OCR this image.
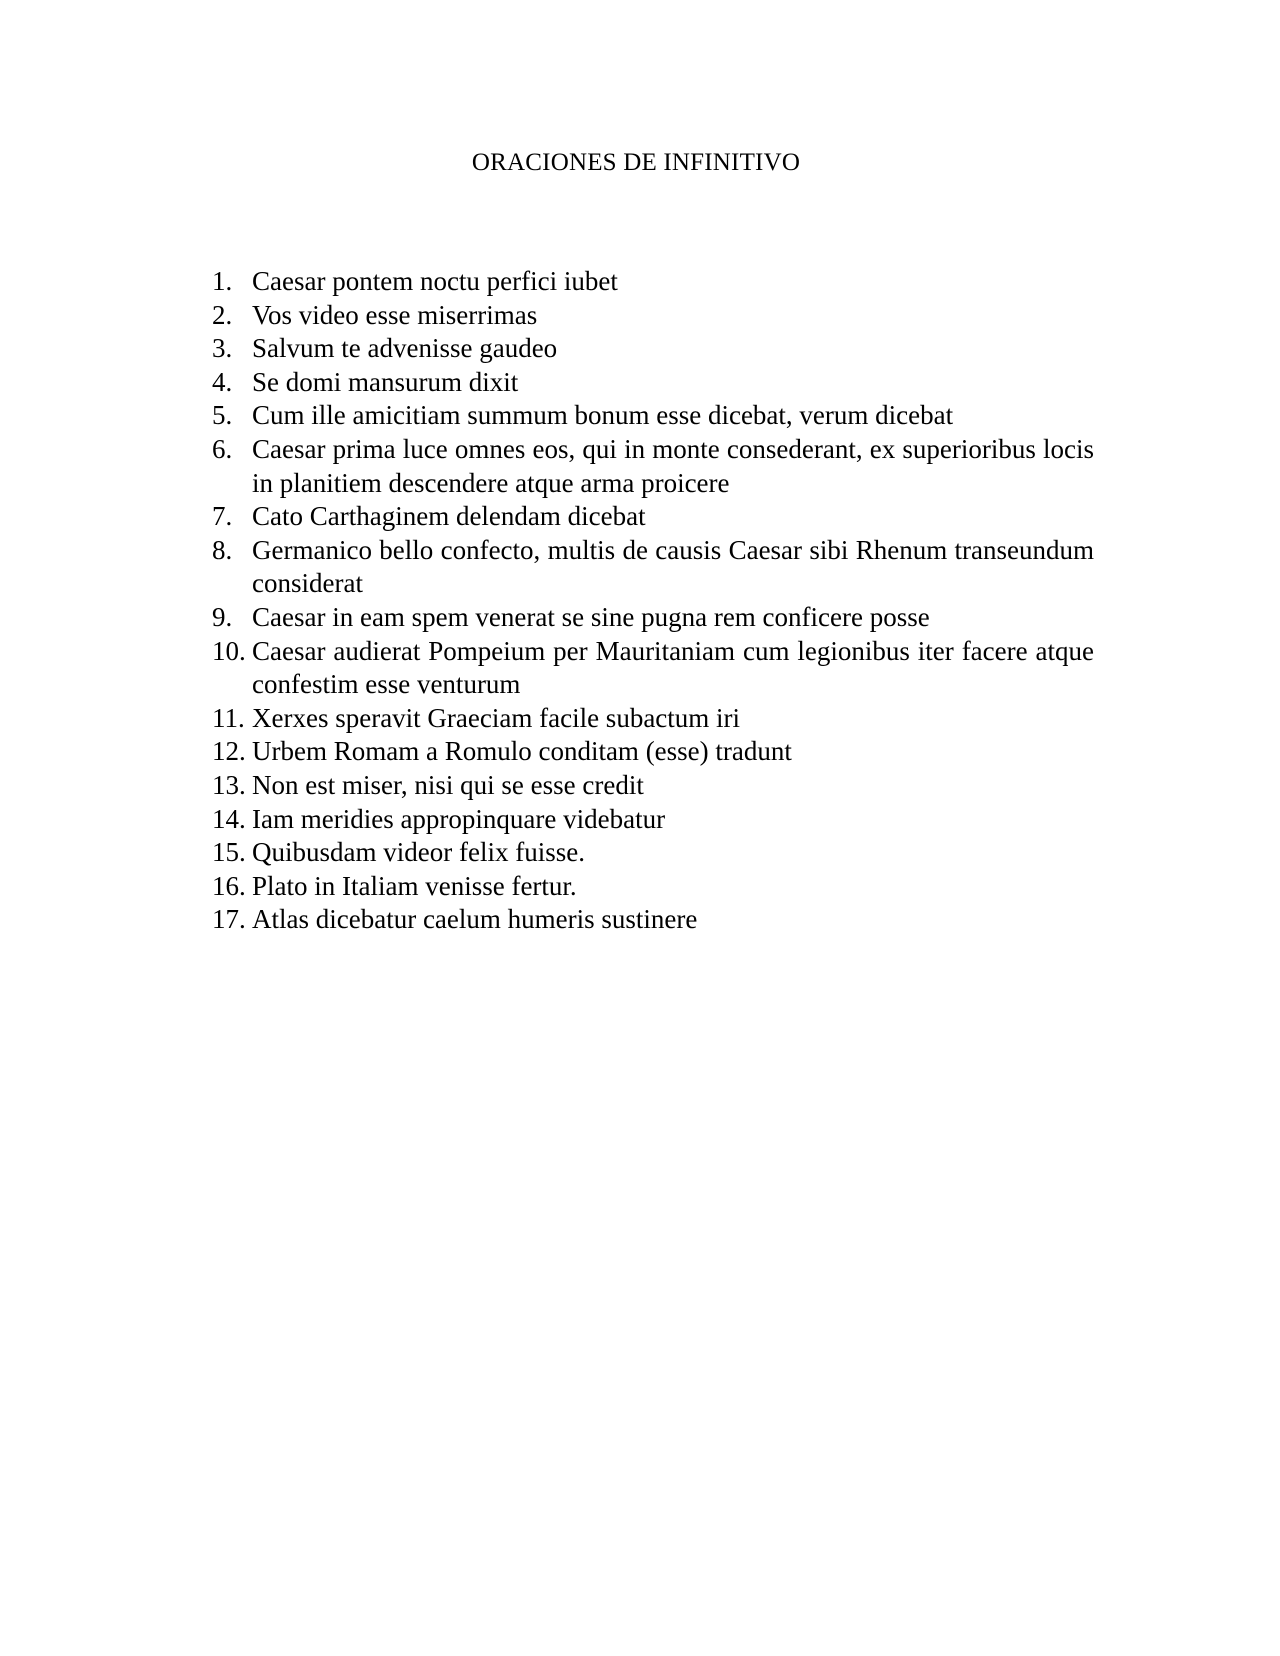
ORACIONES DE INFINITIVO
1. Caesar pontem noctu perfici iubet
2. Vos video esse miserrimas
3. Salvum te advenisse gaudeo
4. Se domi mansurum dixit
5. Cum ille amicitiam summum bonum esse dicebat, verum dicebat
6. Caesar prima luce omnes eos, qui in monte consederant, ex superioribus locis in planitiem descendere atque arma proicere
7. Cato Carthaginem delendam dicebat
8. Germanico bello confecto, multis de causis Caesar sibi Rhenum transeundum considerat
9. Caesar in eam spem venerat se sine pugna rem conficere posse
10. Caesar audierat Pompeium per Mauritaniam cum legionibus iter facere atque confestim esse venturum
11. Xerxes speravit Graeciam facile subactum iri
12. Urbem Romam a Romulo conditam (esse) tradunt
13. Non est miser, nisi qui se esse credit
14. Iam meridies appropinquare videbatur
15. Quibusdam videor felix fuisse.
16. Plato in Italiam venisse fertur.
17. Atlas dicebatur caelum humeris sustinere
